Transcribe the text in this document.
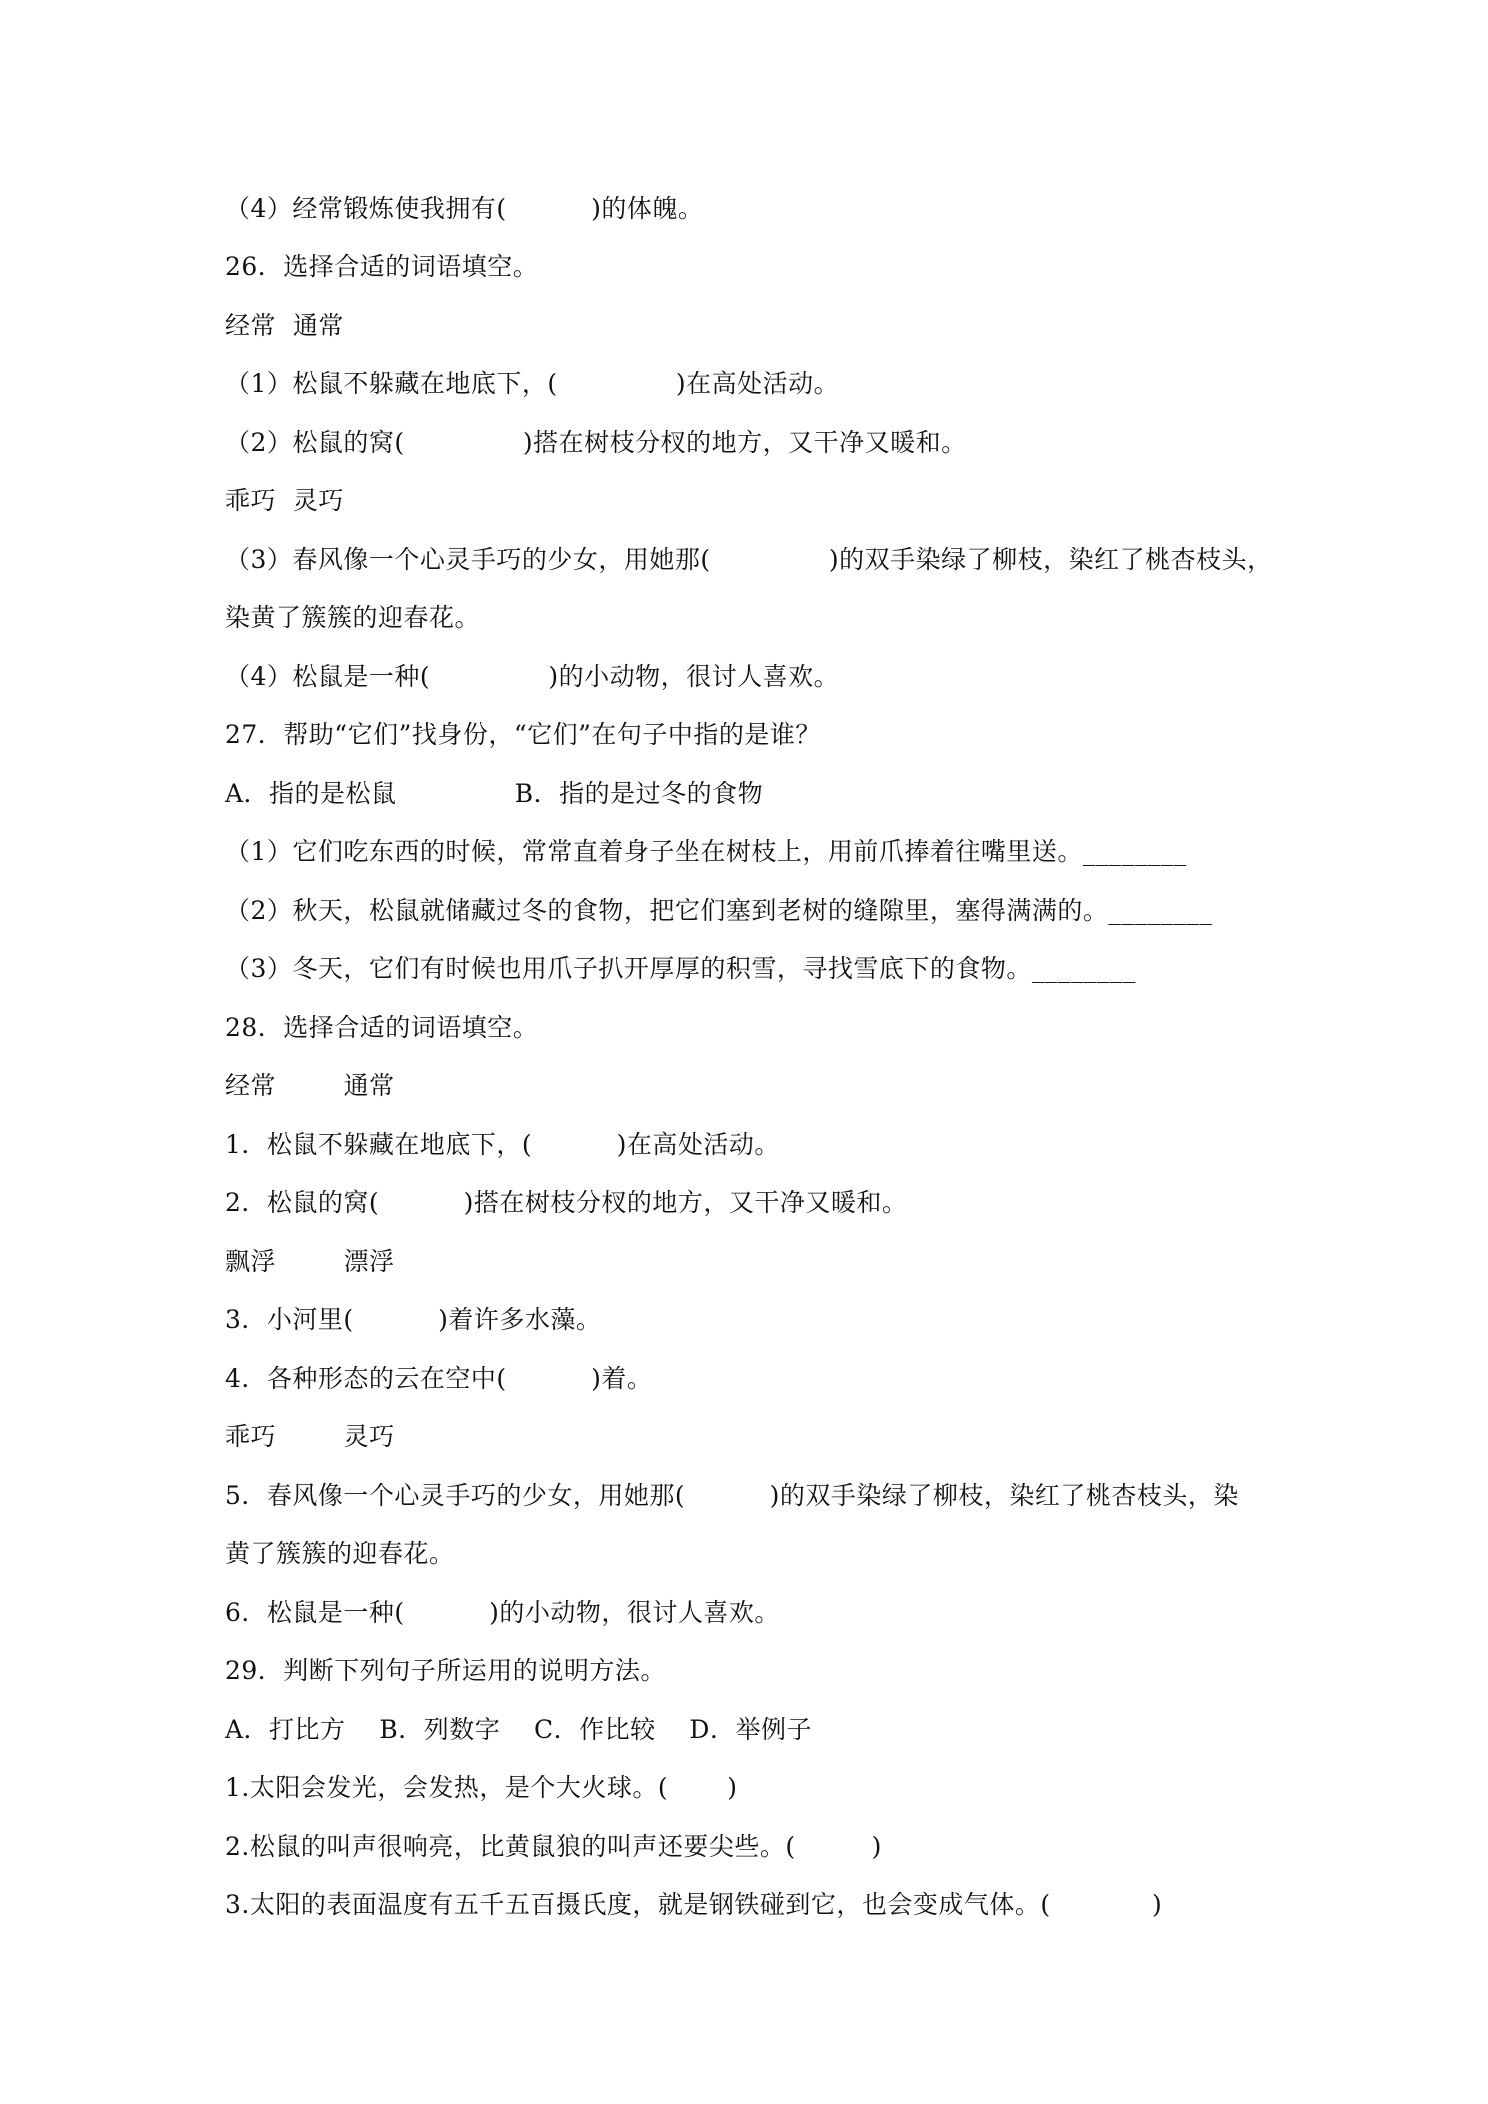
（4）经常锻炼使我拥有(          )的体魄。
26．选择合适的词语填空。
经常  通常
（1）松鼠不躲藏在地底下，(              )在高处活动。
（2）松鼠的窝(              )搭在树枝分杈的地方，又干净又暖和。
乖巧  灵巧
（3）春风像一个心灵手巧的少女，用她那(              )的双手染绿了柳枝，染红了桃杏枝头，
染黄了簇簇的迎春花。
（4）松鼠是一种(              )的小动物，很讨人喜欢。
27．帮助“它们”找身份，“它们”在句子中指的是谁？
A．指的是松鼠              B．指的是过冬的食物
（1）它们吃东西的时候，常常直着身子坐在树枝上，用前爪捧着往嘴里送。________
（2）秋天，松鼠就储藏过冬的食物，把它们塞到老树的缝隙里，塞得满满的。________
（3）冬天，它们有时候也用爪子扒开厚厚的积雪，寻找雪底下的食物。________
28．选择合适的词语填空。
经常        通常
1．松鼠不躲藏在地底下，(          )在高处活动。
2．松鼠的窝(          )搭在树枝分杈的地方，又干净又暖和。
飘浮        漂浮
3．小河里(          )着许多水藻。
4．各种形态的云在空中(          )着。
乖巧        灵巧
5．春风像一个心灵手巧的少女，用她那(          )的双手染绿了柳枝，染红了桃杏枝头，染
黄了簇簇的迎春花。
6．松鼠是一种(          )的小动物，很讨人喜欢。
29．判断下列句子所运用的说明方法。
A．打比方    B．列数字    C．作比较    D．举例子
1.太阳会发光，会发热，是个大火球。(       )
2.松鼠的叫声很响亮，比黄鼠狼的叫声还要尖些。(         )
3.太阳的表面温度有五千五百摄氏度，就是钢铁碰到它，也会变成气体。(            )
